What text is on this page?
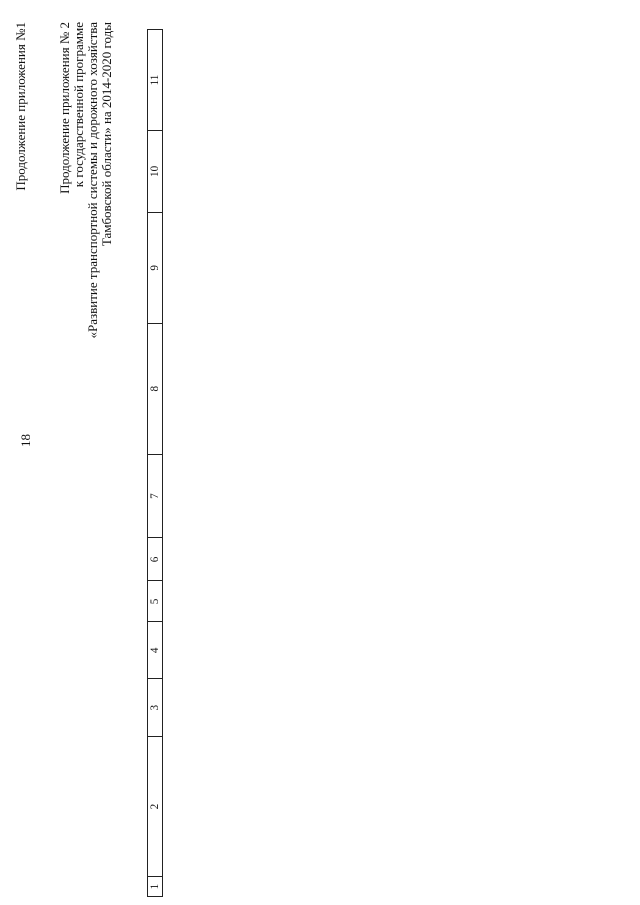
Продолжение приложения №1 Продолжение приложения № 2 к государственной программе «Развитие транспортной системы и дорожного хозяйства Тамбовской области» на 2014-2020 годы
18
1	2	3	4	5	6	7	8	9	10	11
